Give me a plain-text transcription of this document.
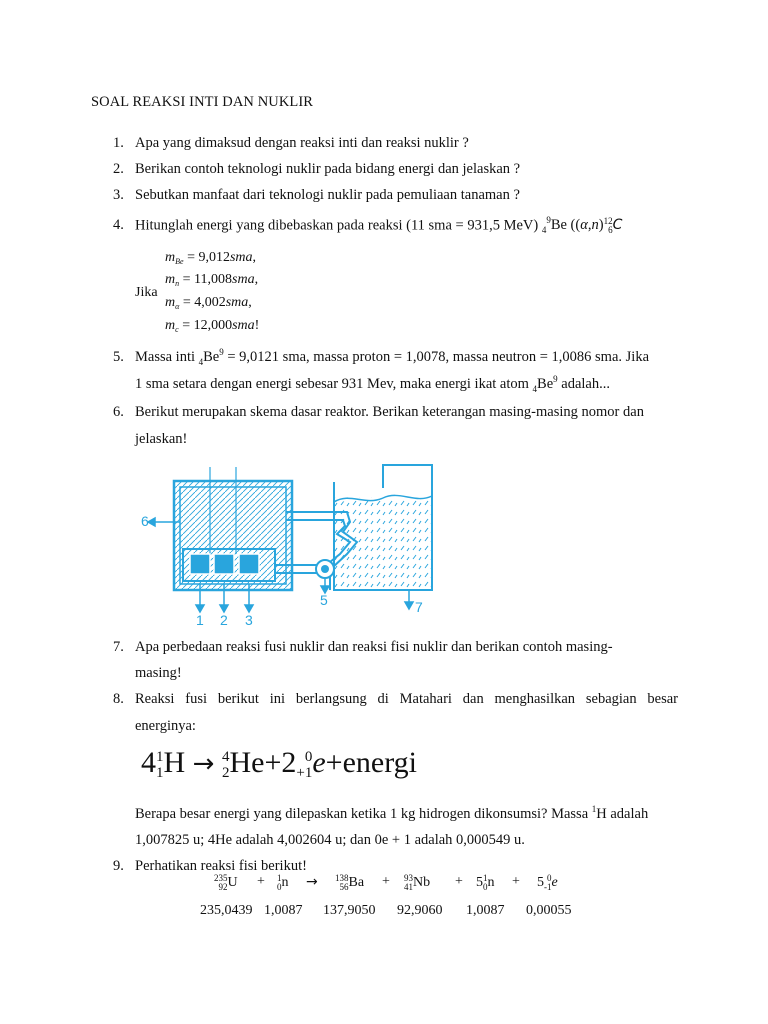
SOAL REAKSI INTI DAN NUKLIR
1. Apa yang dimaksud dengan reaksi inti dan reaksi nuklir ?
2. Berikan contoh teknologi nuklir pada bidang energi dan jelaskan ?
3. Sebutkan manfaat dari teknologi nuklir pada pemuliaan tanaman ?
4. Hitunglah energi yang dibebaskan pada reaksi (11 sma = 931,5 MeV) $_4^9$Be ((α,n)12
6C
Jika
$m_{Be} = 9,012sma$,
$m_n = 11,008sma$,
$m_\alpha = 4,002sma$,
$m_c = 12,000sma$!
5. Massa inti $_4Be^9 = 9,0121$ sma, massa proton = 1,0078, massa neutron = 1,0086 sma. Jika
1 sma setara dengan energi sebesar 931 Mev, maka energi ikat atom $_4Be^9$ adalah...
6. Berikut merupakan skema dasar reaktor. Berikan keterangan masing-masing nomor dan
jelaskan!
6
1 2 3
5	7
7. Apa perbedaan reaksi fusi nuklir dan reaksi fisi nuklir dan berikan contoh masing-
masing!
8. Reaksi fusi berikut ini berlangsung di Matahari dan menghasilkan sebagian besar
energinya:
41
1H → 4
2He+2 0
+1e+energi
Berapa besar energi yang dilepaskan ketika 1 kg hidrogen dikonsumsi? Massa $^1$H adalah
1,007825 u; 4He adalah 4,002604 u; dan 0e + 1 adalah 0,000549 u.
9. Perhatikan reaksi fisi berikut!
235
92U + 1
0n → 138
56Ba + 93
41Nb + 51
0n + 5 0
-1e
235,0439 1,0087 137,9050 92,9060 1,0087 0,00055
